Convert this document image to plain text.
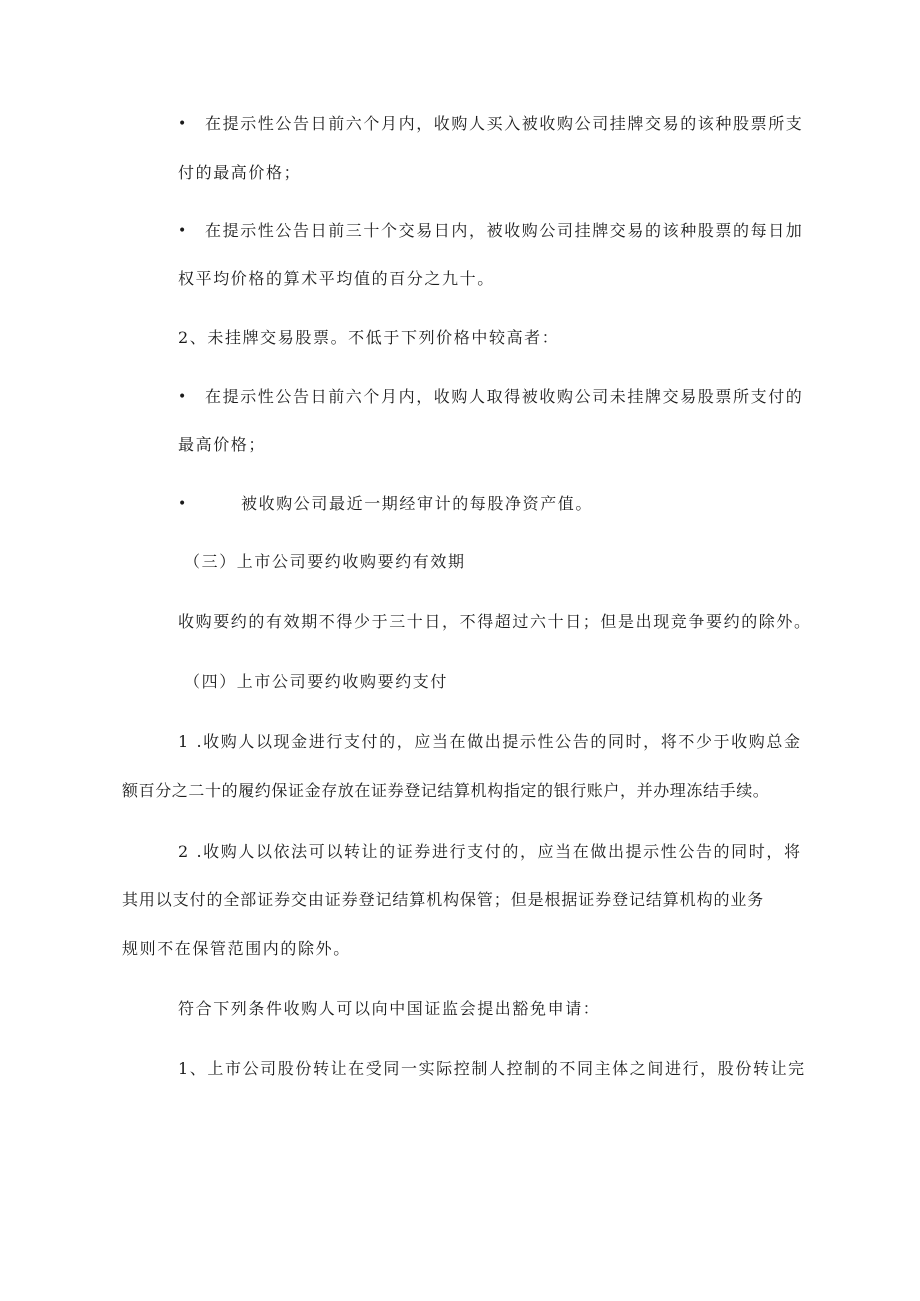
• 在提示性公告日前六个月内，收购人买入被收购公司挂牌交易的该种股票所支
付的最高价格；
• 在提示性公告日前三十个交易日内，被收购公司挂牌交易的该种股票的每日加
权平均价格的算术平均值的百分之九十。
2、未挂牌交易股票。不低于下列价格中较高者：
• 在提示性公告日前六个月内，收购人取得被收购公司未挂牌交易股票所支付的
最高价格；
•	被收购公司最近一期经审计的每股净资产值。
（三）上市公司要约收购要约有效期
收购要约的有效期不得少于三十日，不得超过六十日；但是出现竞争要约的除外。
（四）上市公司要约收购要约支付
1 .收购人以现金进行支付的，应当在做出提示性公告的同时，将不少于收购总金
额百分之二十的履约保证金存放在证券登记结算机构指定的银行账户，并办理冻结手续。
2 .收购人以依法可以转让的证券进行支付的，应当在做出提示性公告的同时，将
其用以支付的全部证券交由证券登记结算机构保管；但是根据证券登记结算机构的业务
规则不在保管范围内的除外。
符合下列条件收购人可以向中国证监会提出豁免申请：
1、上市公司股份转让在受同一实际控制人控制的不同主体之间进行，股份转让完
